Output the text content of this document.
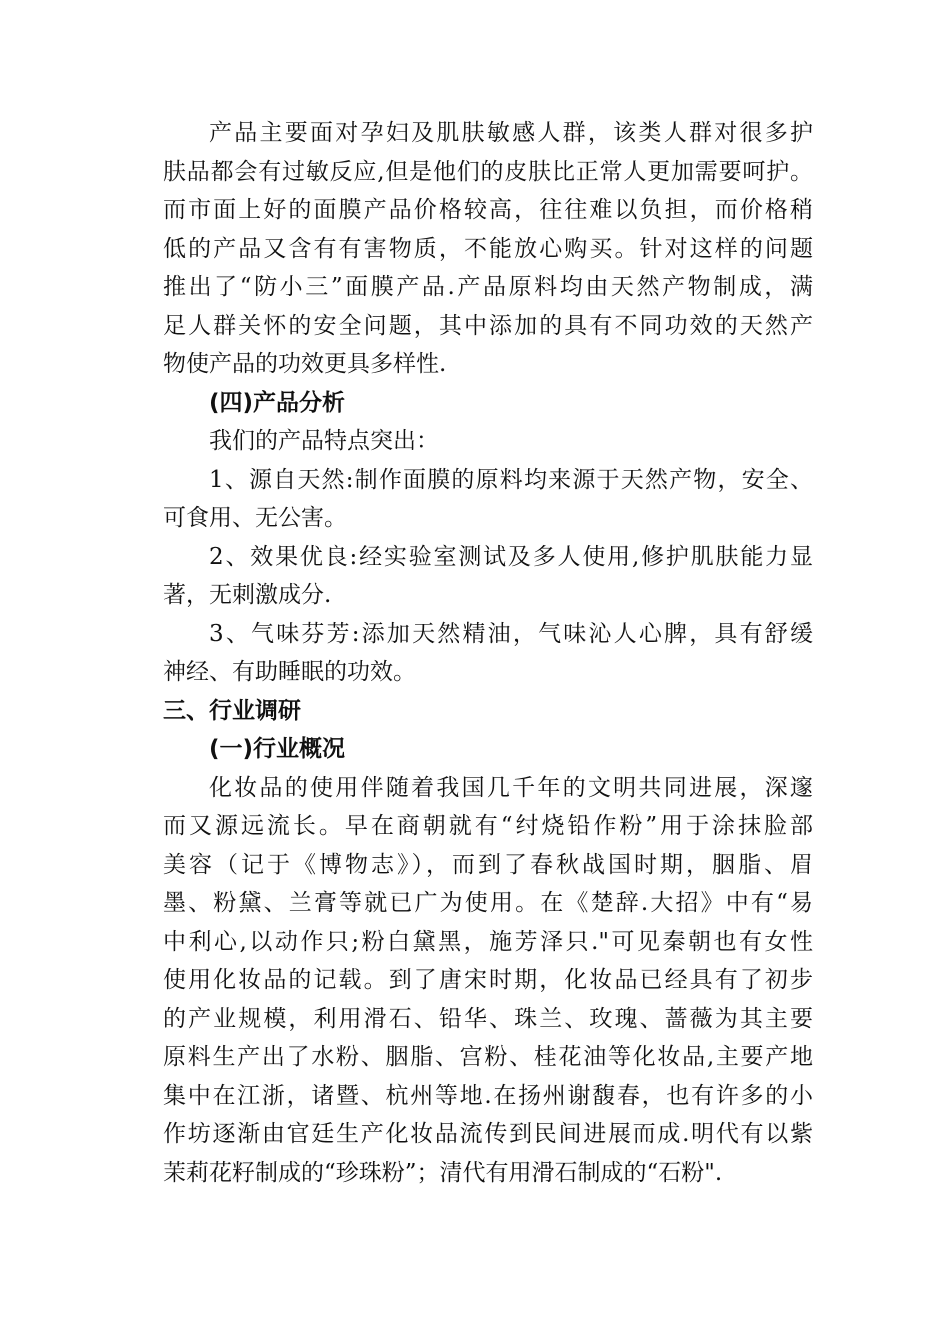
产品主要面对孕妇及肌肤敏感人群，该类人群对很多护
肤品都会有过敏反应,但是他们的皮肤比正常人更加需要呵护。
而市面上好的面膜产品价格较高，往往难以负担，而价格稍
低的产品又含有有害物质，不能放心购买。针对这样的问题
推出了“防小三”面膜产品.产品原料均由天然产物制成，满
足人群关怀的安全问题，其中添加的具有不同功效的天然产
物使产品的功效更具多样性.
(四)产品分析
我们的产品特点突出：
1、源自天然:制作面膜的原料均来源于天然产物，安全、
可食用、无公害。
2、效果优良:经实验室测试及多人使用,修护肌肤能力显
著，无刺激成分.
3、气味芬芳:添加天然精油，气味沁人心脾，具有舒缓
神经、有助睡眠的功效。
三、行业调研
(一)行业概况
化妆品的使用伴随着我国几千年的文明共同进展，深邃
而又源远流长。早在商朝就有“纣烧铅作粉”用于涂抹脸部
美容（记于《博物志》），而到了春秋战国时期，胭脂、眉
墨、粉黛、兰膏等就已广为使用。在《楚辞.大招》中有“易
中利心,以动作只;粉白黛黑，施芳泽只."可见秦朝也有女性
使用化妆品的记载。到了唐宋时期，化妆品已经具有了初步
的产业规模，利用滑石、铅华、珠兰、玫瑰、蔷薇为其主要
原料生产出了水粉、胭脂、宫粉、桂花油等化妆品,主要产地
集中在江浙，诸暨、杭州等地.在扬州谢馥春，也有许多的小
作坊逐渐由官廷生产化妆品流传到民间进展而成.明代有以紫
茉莉花籽制成的“珍珠粉”；清代有用滑石制成的“石粉".
